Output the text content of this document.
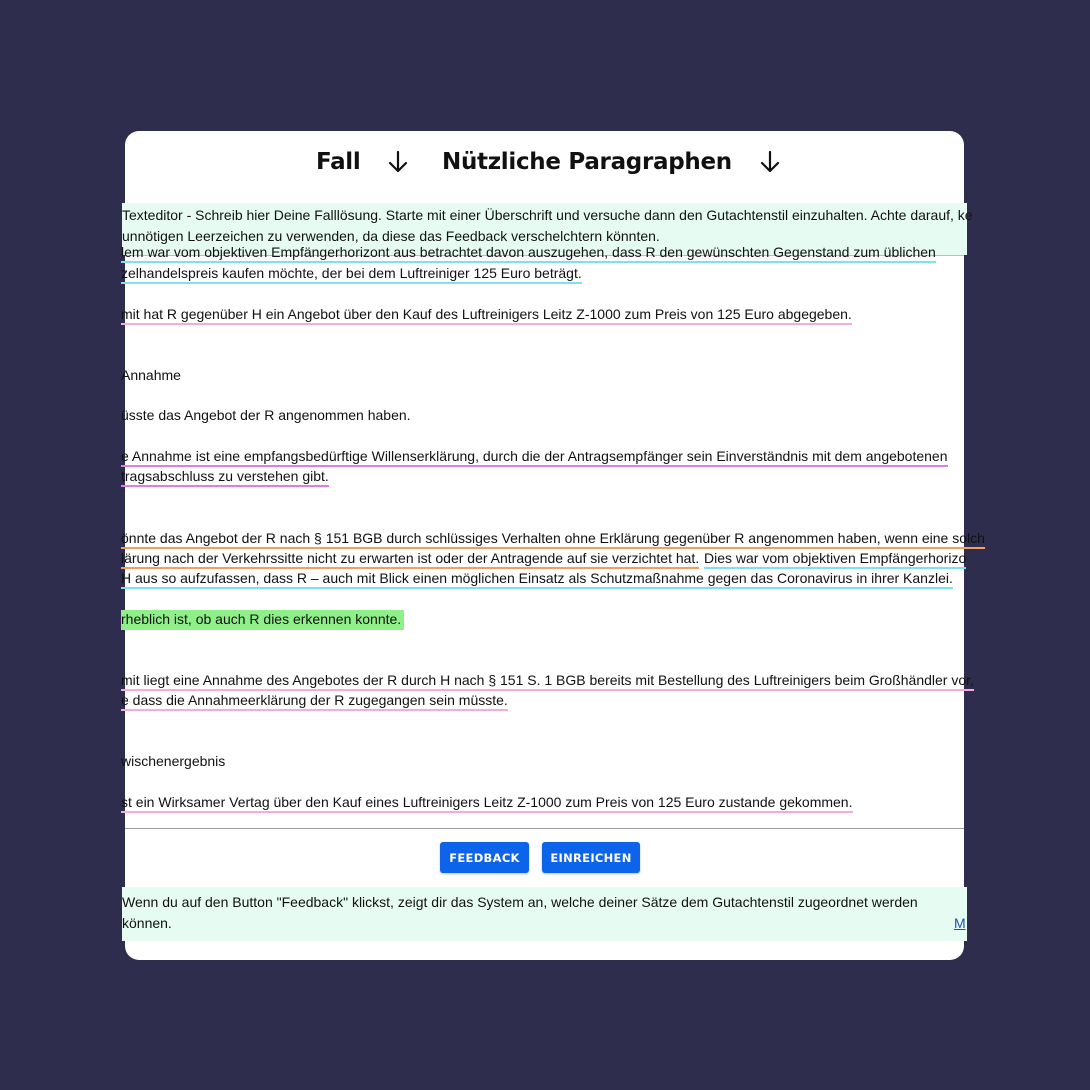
Fall	Nützliche Paragraphen
Texteditor - Schreib hier Deine Falllösung. Starte mit einer Überschrift und versuche dann den Gutachtenstil einzuhalten. Achte darauf, ke
unnötigen Leerzeichen zu verwenden, da diese das Feedback verschelchtern könnten.
lem war vom objektiven Empfängerhorizont aus betrachtet davon auszugehen, dass R den gewünschten Gegenstand zum üblichen
zelhandelspreis kaufen möchte, der bei dem Luftreiniger 125 Euro beträgt.
mit hat R gegenüber H ein Angebot über den Kauf des Luftreinigers Leitz Z-1000 zum Preis von 125 Euro abgegeben.
Annahme
üsste das Angebot der R angenommen haben.
e Annahme ist eine empfangsbedürftige Willenserklärung, durch die der Antragsempfänger sein Einverständnis mit dem angebotenen
tragsabschluss zu verstehen gibt.
önnte das Angebot der R nach § 151 BGB durch schlüssiges Verhalten ohne Erklärung gegenüber R angenommen haben, wenn eine solch
lärung nach der Verkehrssitte nicht zu erwarten ist oder der Antragende auf sie verzichtet hat. Dies war vom objektiven Empfängerhorizo
H aus so aufzufassen, dass R – auch mit Blick einen möglichen Einsatz als Schutzmaßnahme gegen das Coronavirus in ihrer Kanzlei.
rheblich ist, ob auch R dies erkennen konnte.
mit liegt eine Annahme des Angebotes der R durch H nach § 151 S. 1 BGB bereits mit Bestellung des Luftreinigers beim Großhändler vor,
e dass die Annahmeerklärung der R zugegangen sein müsste.
wischenergebnis
st ein Wirksamer Vertag über den Kauf eines Luftreinigers Leitz Z-1000 zum Preis von 125 Euro zustande gekommen.
FEEDBACK	EINREICHEN
Wenn du auf den Button "Feedback" klickst, zeigt dir das System an, welche deiner Sätze dem Gutachtenstil zugeordnet werden
können.	M
